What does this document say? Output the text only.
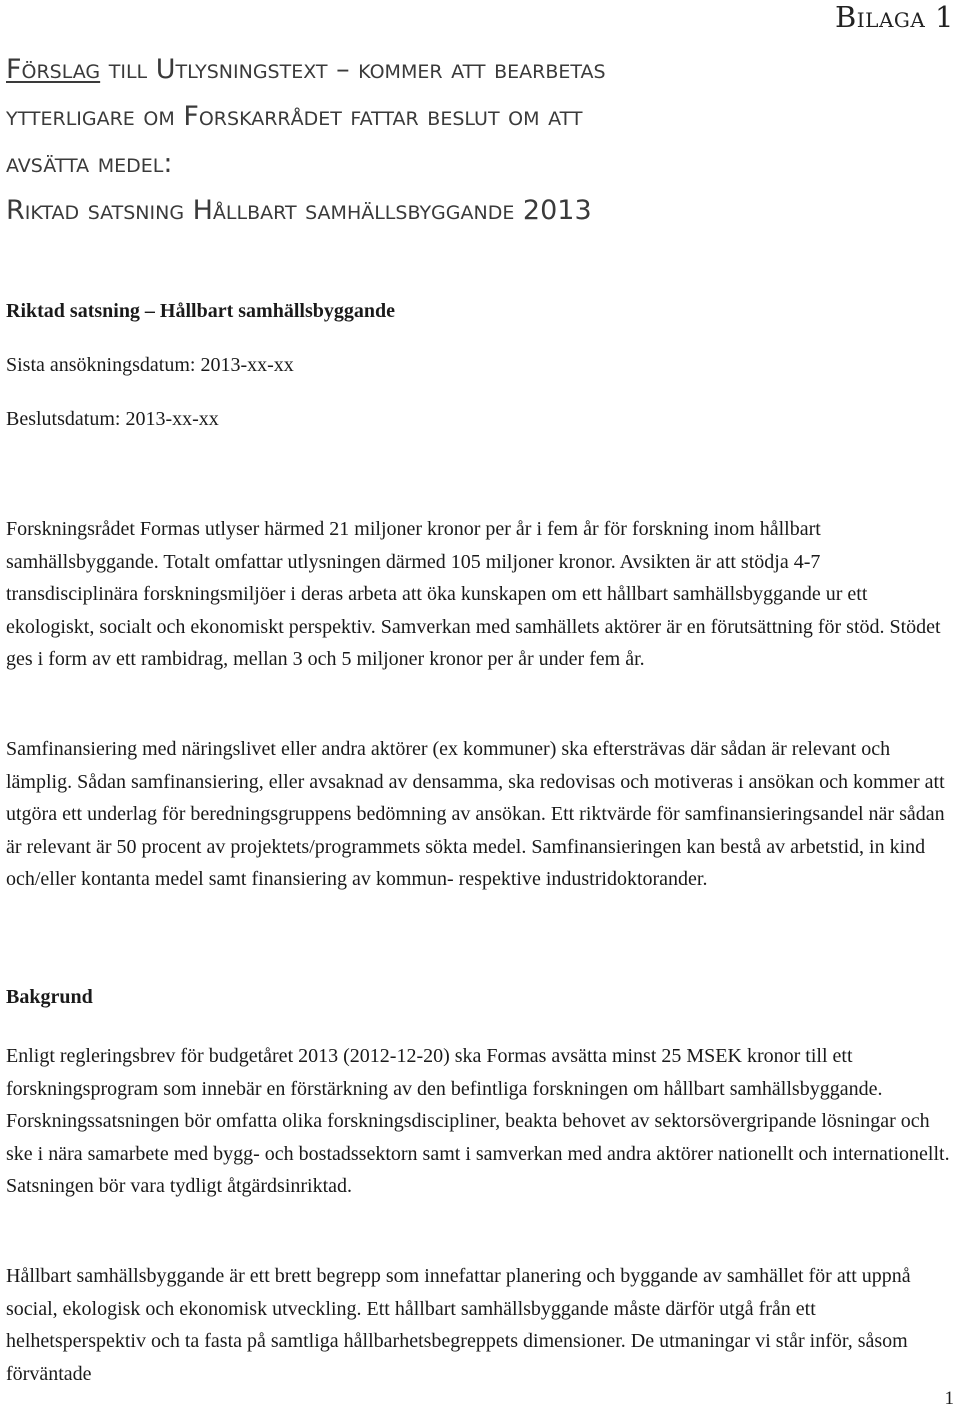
Bilaga 1
Förslag till Utlysningstext – kommer att bearbetas
ytterligare om Forskarrådet fattar beslut om att
avsätta medel:
Riktad satsning Hållbart samhällsbyggande 2013
Riktad satsning – Hållbart samhällsbyggande
Sista ansökningsdatum: 2013-xx-xx
Beslutsdatum: 2013-xx-xx

Forskningsrådet Formas utlyser härmed 21 miljoner kronor per år i fem år för forskning inom hållbart samhällsbyggande. Totalt omfattar utlysningen därmed 105 miljoner kronor. Avsikten är att stödja 4-7 transdisciplinära forskningsmiljöer i deras arbeta att öka kunskapen om ett hållbart samhällsbyggande ur ett ekologiskt, socialt och ekonomiskt perspektiv. Samverkan med samhällets aktörer är en förutsättning för stöd. Stödet ges i form av ett rambidrag, mellan 3 och 5 miljoner kronor per år under fem år.

Samfinansiering med näringslivet eller andra aktörer (ex kommuner) ska eftersträvas där sådan är relevant och lämplig. Sådan samfinansiering, eller avsaknad av densamma, ska redovisas och motiveras i ansökan och kommer att utgöra ett underlag för beredningsgruppens bedömning av ansökan. Ett riktvärde för samfinansieringsandel när sådan är relevant är 50 procent av projektets/programmets sökta medel. Samfinansieringen kan bestå av arbetstid, in kind och/eller kontanta medel samt finansiering av kommun- respektive industridoktorander.

Bakgrund

Enligt regleringsbrev för budgetåret 2013 (2012-12-20) ska Formas avsätta minst 25 MSEK kronor till ett forskningsprogram som innebär en förstärkning av den befintliga forskningen om hållbart samhällsbyggande. Forskningssatsningen bör omfatta olika forskningsdiscipliner, beakta behovet av sektorsövergripande lösningar och ske i nära samarbete med bygg- och bostadssektorn samt i samverkan med andra aktörer nationellt och internationellt. Satsningen bör vara tydligt åtgärdsinriktad.

Hållbart samhällsbyggande är ett brett begrepp som innefattar planering och byggande av samhället för att uppnå social, ekologisk och ekonomisk utveckling. Ett hållbart samhällsbyggande måste därför utgå från ett helhetsperspektiv och ta fasta på samtliga hållbarhetsbegreppets dimensioner. De utmaningar vi står inför, såsom förväntade

1
